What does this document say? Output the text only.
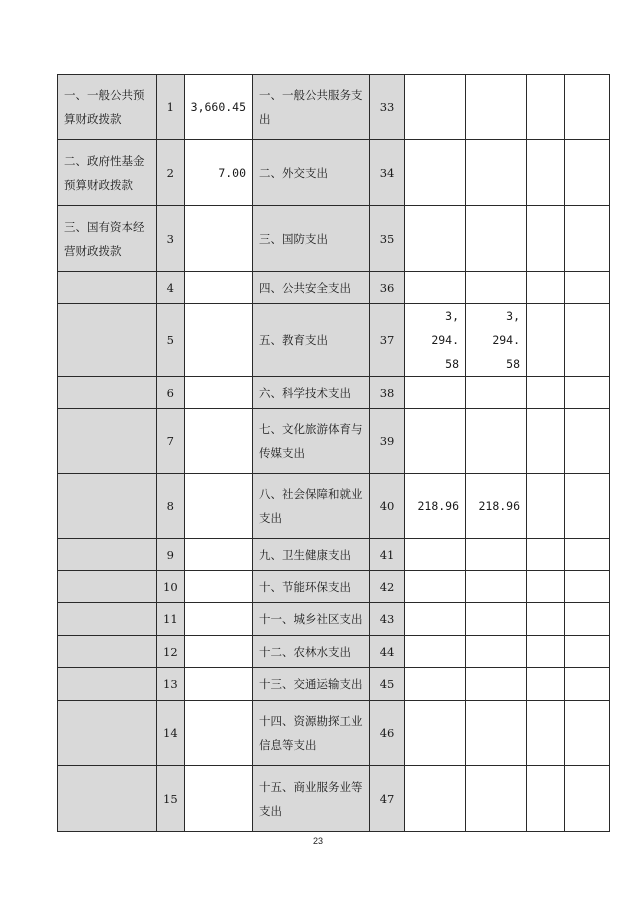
一、一般公共预算财政拨款	1	3,660.45	一、一般公共服务支出	33				
二、政府性基金预算财政拨款	2	7.00	二、外交支出	34				
三、国有资本经营财政拨款	3		三、国防支出	35				
	4		四、公共安全支出	36				
	5		五、教育支出	37	3, 294. 58	3, 294. 58		
	6		六、科学技术支出	38				
	7		七、文化旅游体育与传媒支出	39				
	8		八、社会保障和就业支出	40	218.96	218.96		
	9		九、卫生健康支出	41				
	10		十、节能环保支出	42				
	11		十一、城乡社区支出	43				
	12		十二、农林水支出	44				
	13		十三、交通运输支出	45				
	14		十四、资源勘探工业信息等支出	46				
	15		十五、商业服务业等支出	47				
23
